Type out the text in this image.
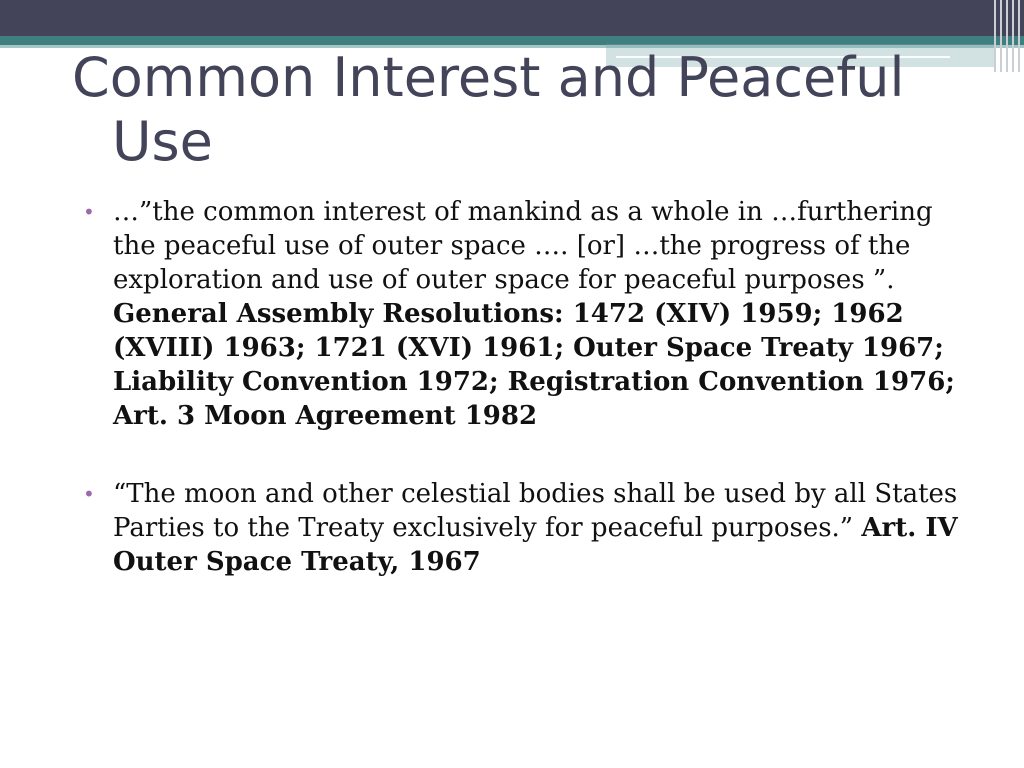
Common Interest and Peaceful
Use
• …”the common interest of mankind as a whole in …furthering the peaceful use of outer space …. [or] …the progress of the exploration and use of outer space for peaceful purposes ”. General Assembly Resolutions: 1472 (XIV) 1959; 1962 (XVIII) 1963; 1721 (XVI) 1961; Outer Space Treaty 1967; Liability Convention 1972; Registration Convention 1976; Art. 3 Moon Agreement 1982
• “The moon and other celestial bodies shall be used by all States Parties to the Treaty exclusively for peaceful purposes.” Art. IV Outer Space Treaty, 1967
